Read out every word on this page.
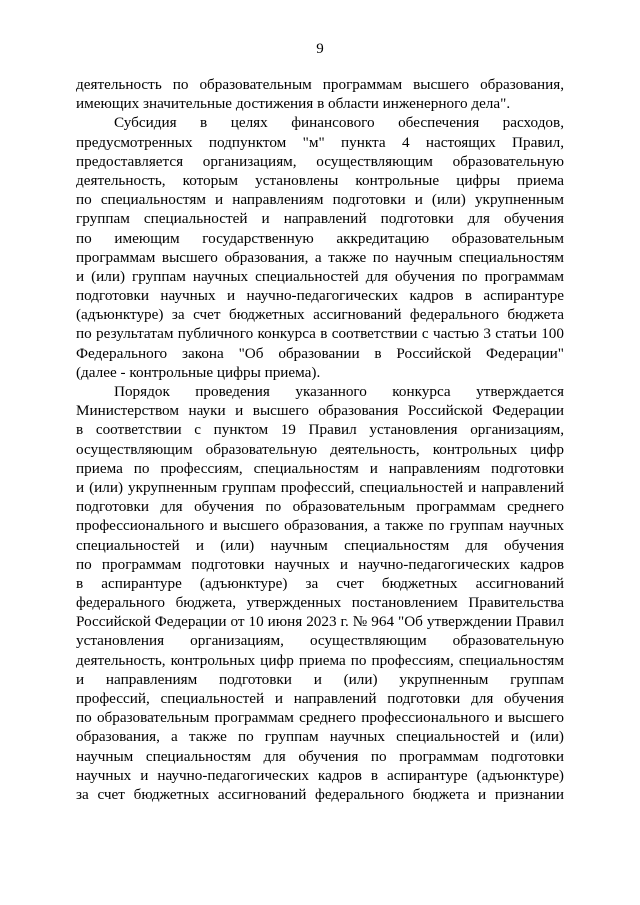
9

деятельность по образовательным программам высшего образования,
имеющих значительные достижения в области инженерного дела".

Субсидия в целях финансового обеспечения расходов,
предусмотренных подпунктом "м" пункта 4 настоящих Правил,
предоставляется организациям, осуществляющим образовательную
деятельность, которым установлены контрольные цифры приема
по специальностям и направлениям подготовки и (или) укрупненным
группам специальностей и направлений подготовки для обучения
по имеющим государственную аккредитацию образовательным
программам высшего образования, а также по научным специальностям
и (или) группам научных специальностей для обучения по программам
подготовки научных и научно-педагогических кадров в аспирантуре
(адъюнктуре) за счет бюджетных ассигнований федерального бюджета
по результатам публичного конкурса в соответствии с частью 3 статьи 100
Федерального закона "Об образовании в Российской Федерации"
(далее - контрольные цифры приема).

Порядок проведения указанного конкурса утверждается
Министерством науки и высшего образования Российской Федерации
в соответствии с пунктом 19 Правил установления организациям,
осуществляющим образовательную деятельность, контрольных цифр
приема по профессиям, специальностям и направлениям подготовки
и (или) укрупненным группам профессий, специальностей и направлений
подготовки для обучения по образовательным программам среднего
профессионального и высшего образования, а также по группам научных
специальностей и (или) научным специальностям для обучения
по программам подготовки научных и научно-педагогических кадров
в аспирантуре (адъюнктуре) за счет бюджетных ассигнований
федерального бюджета, утвержденных постановлением Правительства
Российской Федерации от 10 июня 2023 г. № 964 "Об утверждении Правил
установления организациям, осуществляющим образовательную
деятельность, контрольных цифр приема по профессиям, специальностям
и направлениям подготовки и (или) укрупненным группам
профессий, специальностей и направлений подготовки для обучения
по образовательным программам среднего профессионального и высшего
образования, а также по группам научных специальностей и (или)
научным специальностям для обучения по программам подготовки
научных и научно-педагогических кадров в аспирантуре (адъюнктуре)
за счет бюджетных ассигнований федерального бюджета и признании
